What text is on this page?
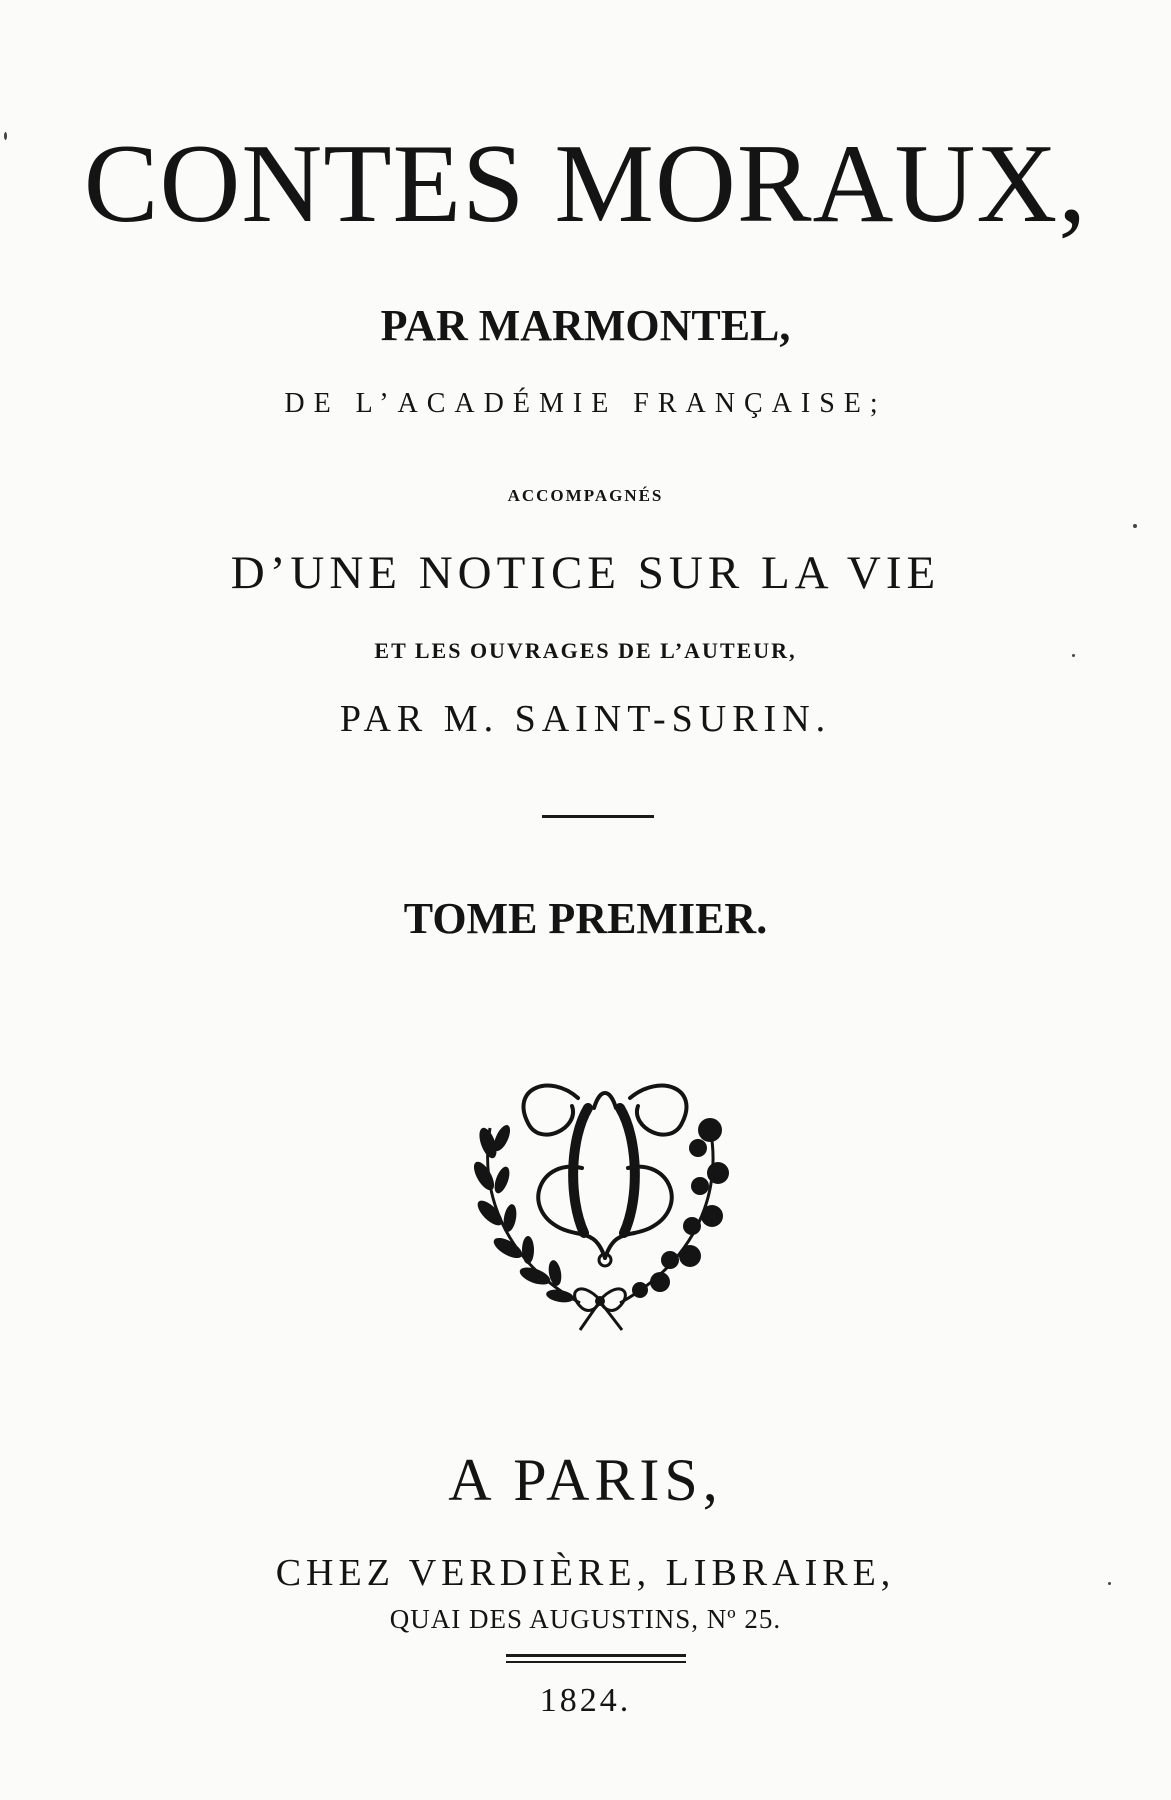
CONTES MORAUX,
PAR MARMONTEL,
DE L’ACADÉMIE FRANÇAISE;
ACCOMPAGNÉS
D’UNE NOTICE SUR LA VIE
ET LES OUVRAGES DE L’AUTEUR,
PAR M. SAINT-SURIN.
TOME PREMIER.
A PARIS,
CHEZ VERDIÈRE, LIBRAIRE,
QUAI DES AUGUSTINS, Nº 25.
1824.
